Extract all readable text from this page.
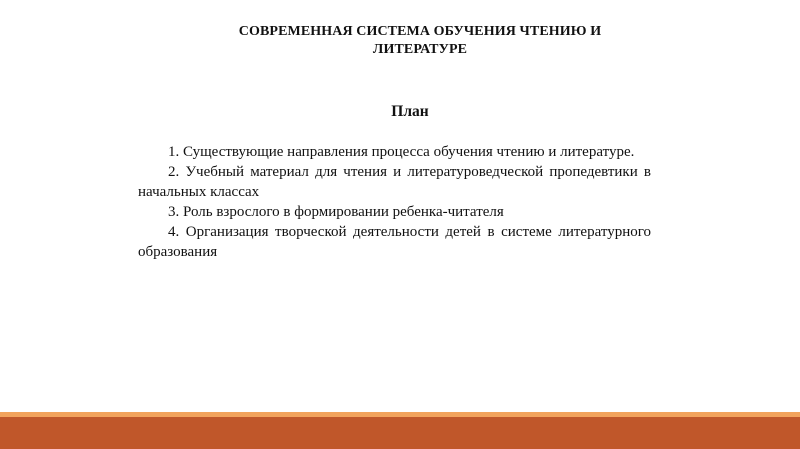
СОВРЕМЕННАЯ СИСТЕМА ОБУЧЕНИЯ ЧТЕНИЮ И
ЛИТЕРАТУРЕ
План
1. Существующие направления процесса обучения чтению и литературе.
2. Учебный материал для чтения и литературоведческой пропедевтики в начальных классах
3. Роль взрослого в формировании ребенка-читателя
4. Организация творческой деятельности детей в системе литературного образования
